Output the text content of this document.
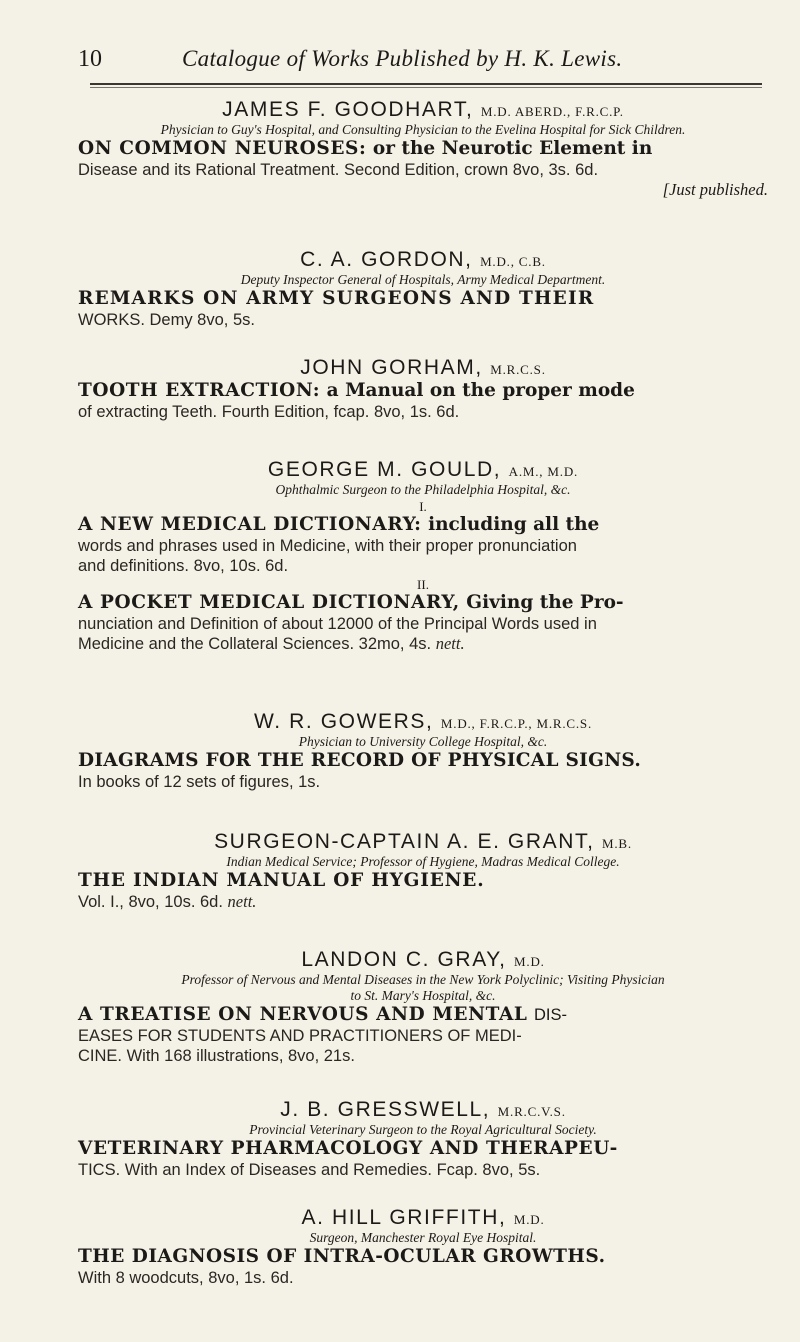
10	Catalogue of Works Published by H. K. Lewis.
JAMES F. GOODHART, M.D. ABERD., F.R.C.P.
Physician to Guy's Hospital, and Consulting Physician to the Evelina Hospital for Sick Children.
ON COMMON NEUROSES: or the Neurotic Element in
Disease and its Rational Treatment. Second Edition, crown 8vo, 3s. 6d.
[Just published.
C. A. GORDON, M.D., C.B.
Deputy Inspector General of Hospitals, Army Medical Department.
REMARKS ON ARMY SURGEONS AND THEIR
WORKS. Demy 8vo, 5s.
JOHN GORHAM, M.R.C.S.
TOOTH EXTRACTION: a Manual on the proper mode
of extracting Teeth. Fourth Edition, fcap. 8vo, 1s. 6d.
GEORGE M. GOULD, A.M., M.D.
Ophthalmic Surgeon to the Philadelphia Hospital, &c.
I.
A NEW MEDICAL DICTIONARY: including all the
words and phrases used in Medicine, with their proper pronunciation
and definitions. 8vo, 10s. 6d.
II.
A POCKET MEDICAL DICTIONARY, Giving the Pro-
nunciation and Definition of about 12000 of the Principal Words used in
Medicine and the Collateral Sciences. 32mo, 4s. nett.
W. R. GOWERS, M.D., F.R.C.P., M.R.C.S.
Physician to University College Hospital, &c.
DIAGRAMS FOR THE RECORD OF PHYSICAL SIGNS.
In books of 12 sets of figures, 1s.
SURGEON-CAPTAIN A. E. GRANT, M.B.
Indian Medical Service; Professor of Hygiene, Madras Medical College.
THE INDIAN MANUAL OF HYGIENE.
Vol. I., 8vo, 10s. 6d. nett.
LANDON C. GRAY, M.D.
Professor of Nervous and Mental Diseases in the New York Polyclinic; Visiting Physician
to St. Mary's Hospital, &c.
A TREATISE ON NERVOUS AND MENTAL DIS-
EASES FOR STUDENTS AND PRACTITIONERS OF MEDI-
CINE. With 168 illustrations, 8vo, 21s.
J. B. GRESSWELL, M.R.C.V.S.
Provincial Veterinary Surgeon to the Royal Agricultural Society.
VETERINARY PHARMACOLOGY AND THERAPEU-
TICS. With an Index of Diseases and Remedies. Fcap. 8vo, 5s.
A. HILL GRIFFITH, M.D.
Surgeon, Manchester Royal Eye Hospital.
THE DIAGNOSIS OF INTRA-OCULAR GROWTHS.
With 8 woodcuts, 8vo, 1s. 6d.
